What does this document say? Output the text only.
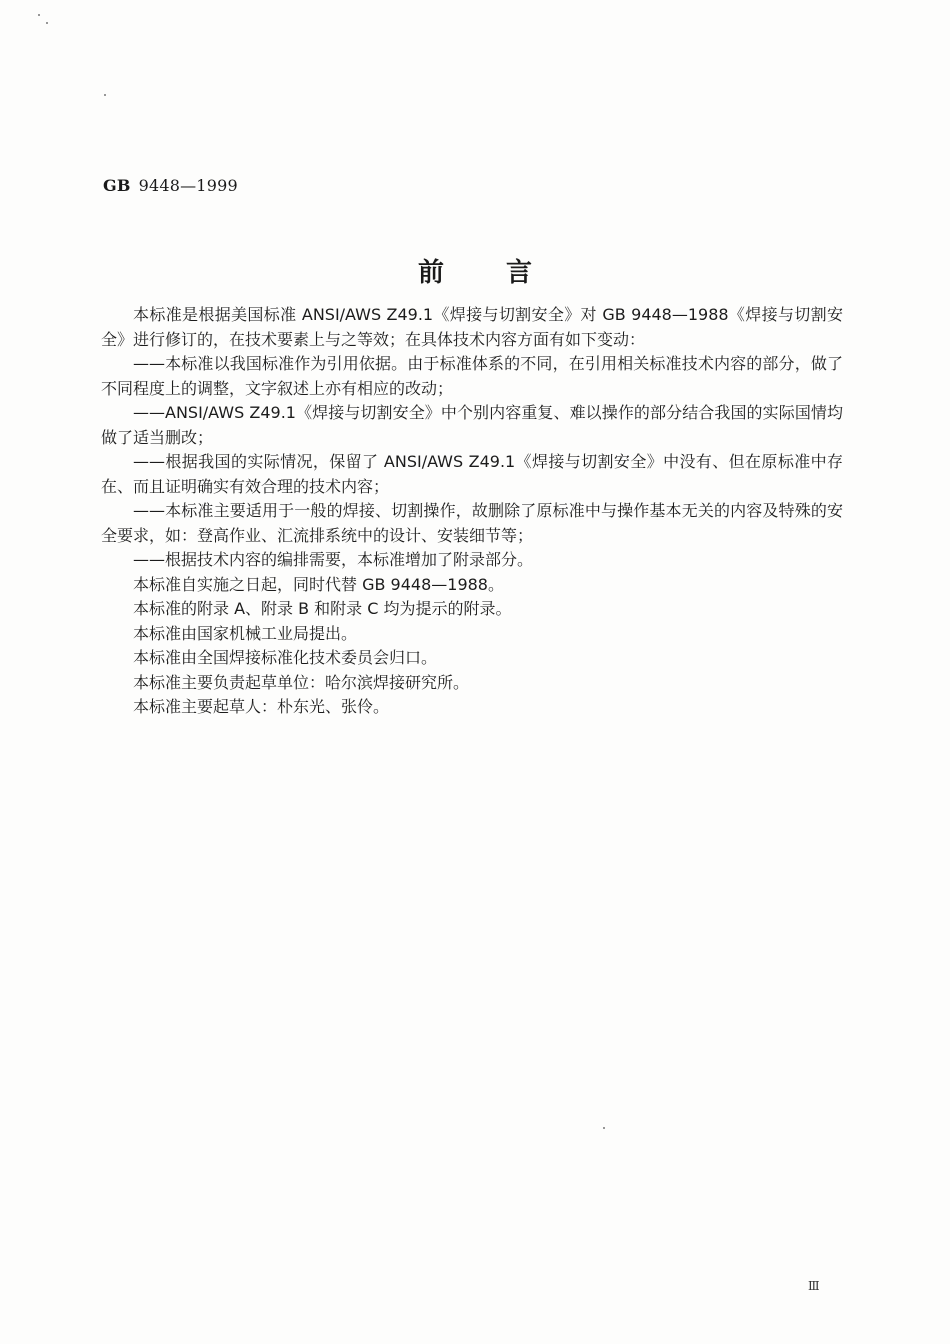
GB 9448—1999
前言

本标准是根据美国标准 ANSI/AWS Z49.1《焊接与切割安全》对 GB 9448—1988《焊接与切割安全》进行修订的，在技术要素上与之等效；在具体技术内容方面有如下变动：

——本标准以我国标准作为引用依据。由于标准体系的不同，在引用相关标准技术内容的部分，做了不同程度上的调整，文字叙述上亦有相应的改动；

——ANSI/AWS Z49.1《焊接与切割安全》中个别内容重复、难以操作的部分结合我国的实际国情均做了适当删改；

——根据我国的实际情况，保留了 ANSI/AWS Z49.1《焊接与切割安全》中没有、但在原标准中存在、而且证明确实有效合理的技术内容；

——本标准主要适用于一般的焊接、切割操作，故删除了原标准中与操作基本无关的内容及特殊的安全要求，如：登高作业、汇流排系统中的设计、安装细节等；

——根据技术内容的编排需要，本标准增加了附录部分。

本标准自实施之日起，同时代替 GB 9448—1988。

本标准的附录 A、附录 B 和附录 C 均为提示的附录。

本标准由国家机械工业局提出。

本标准由全国焊接标准化技术委员会归口。

本标准主要负责起草单位：哈尔滨焊接研究所。

本标准主要起草人：朴东光、张伶。

Ⅲ
